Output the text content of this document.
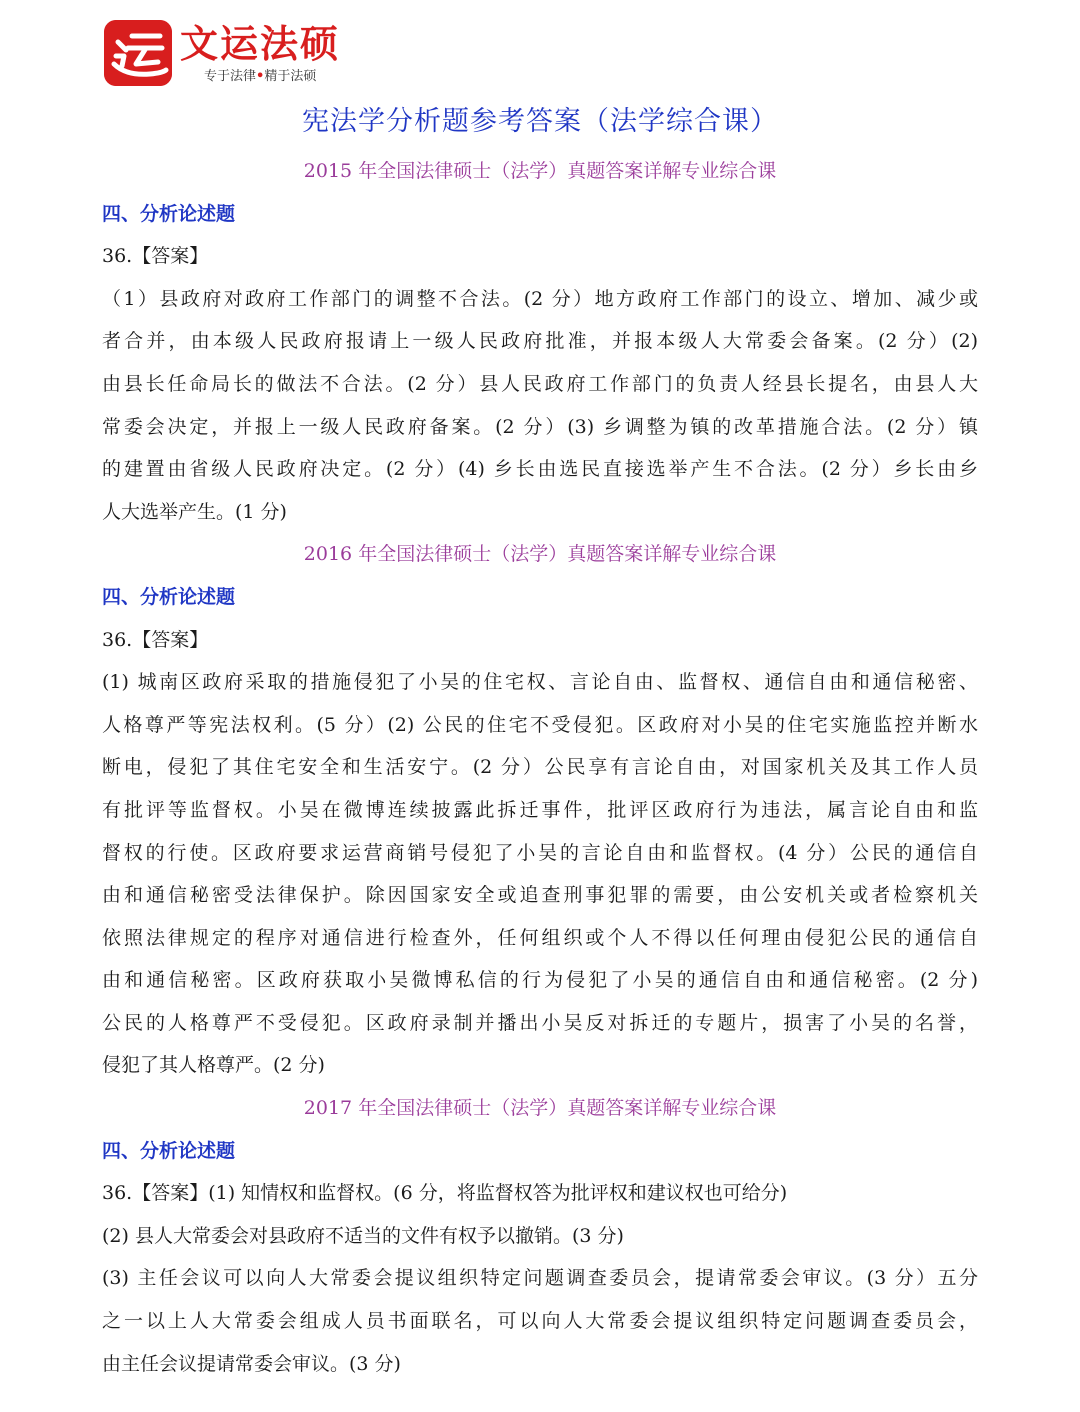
文运法硕
专于法律•精于法硕
宪法学分析题参考答案（法学综合课）
2015 年全国法律硕士（法学）真题答案详解专业综合课
四、分析论述题
36.【答案】
（1）县政府对政府工作部门的调整不合法。(2 分）地方政府工作部门的设立、增加、减少或
者合并，由本级人民政府报请上一级人民政府批准，并报本级人大常委会备案。(2 分）(2)
由县长任命局长的做法不合法。(2 分）县人民政府工作部门的负责人经县长提名，由县人大
常委会决定，并报上一级人民政府备案。(2 分）(3) 乡调整为镇的改革措施合法。(2 分）镇
的建置由省级人民政府决定。(2 分）(4) 乡长由选民直接选举产生不合法。(2 分）乡长由乡
人大选举产生。(1 分)
2016 年全国法律硕士（法学）真题答案详解专业综合课
四、分析论述题
36.【答案】
(1) 城南区政府采取的措施侵犯了小吴的住宅权、言论自由、监督权、通信自由和通信秘密、
人格尊严等宪法权利。(5 分）(2) 公民的住宅不受侵犯。区政府对小吴的住宅实施监控并断水
断电，侵犯了其住宅安全和生活安宁。(2 分）公民享有言论自由，对国家机关及其工作人员
有批评等监督权。小吴在微博连续披露此拆迁事件，批评区政府行为违法，属言论自由和监
督权的行使。区政府要求运营商销号侵犯了小吴的言论自由和监督权。(4 分）公民的通信自
由和通信秘密受法律保护。除因国家安全或追查刑事犯罪的需要，由公安机关或者检察机关
依照法律规定的程序对通信进行检查外，任何组织或个人不得以任何理由侵犯公民的通信自
由和通信秘密。区政府获取小吴微博私信的行为侵犯了小吴的通信自由和通信秘密。(2 分)
公民的人格尊严不受侵犯。区政府录制并播出小吴反对拆迁的专题片，损害了小吴的名誉，
侵犯了其人格尊严。(2 分)
2017 年全国法律硕士（法学）真题答案详解专业综合课
四、分析论述题
36.【答案】(1) 知情权和监督权。(6 分，将监督权答为批评权和建议权也可给分)
(2) 县人大常委会对县政府不适当的文件有权予以撤销。(3 分)
(3) 主任会议可以向人大常委会提议组织特定问题调查委员会，提请常委会审议。(3 分）五分
之一以上人大常委会组成人员书面联名，可以向人大常委会提议组织特定问题调查委员会，
由主任会议提请常委会审议。(3 分)
